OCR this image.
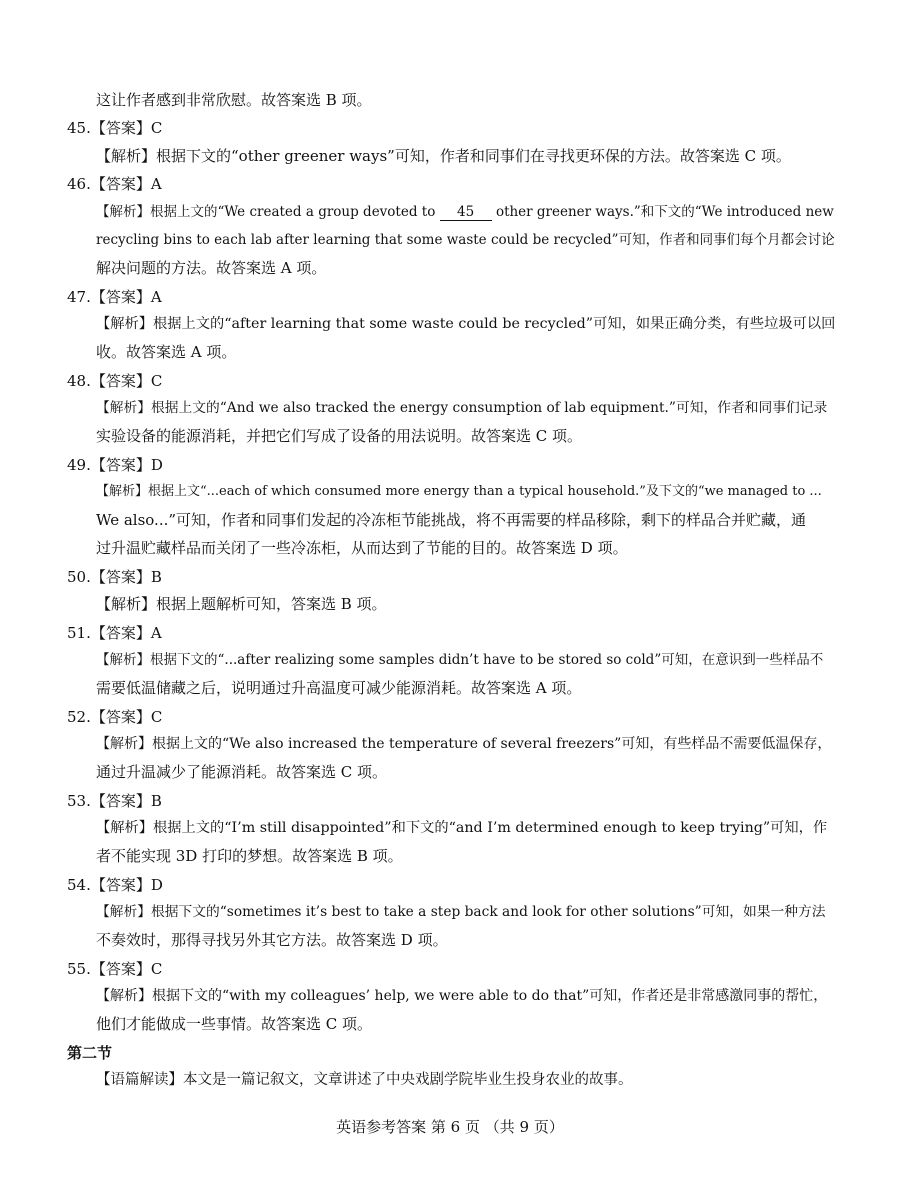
这让作者感到非常欣慰。故答案选 B 项。
45.【答案】C
【解析】根据下文的“other greener ways”可知，作者和同事们在寻找更环保的方法。故答案选 C 项。
46.【答案】A
【解析】根据上文的“We created a group devoted to 45 other greener ways.”和下文的“We introduced new
recycling bins to each lab after learning that some waste could be recycled”可知，作者和同事们每个月都会讨论
解决问题的方法。故答案选 A 项。
47.【答案】A
【解析】根据上文的“after learning that some waste could be recycled”可知，如果正确分类，有些垃圾可以回
收。故答案选 A 项。
48.【答案】C
【解析】根据上文的“And we also tracked the energy consumption of lab equipment.”可知，作者和同事们记录
实验设备的能源消耗，并把它们写成了设备的用法说明。故答案选 C 项。
49.【答案】D
【解析】根据上文“...each of which consumed more energy than a typical household.”及下文的“we managed to ...
We also...”可知，作者和同事们发起的冷冻柜节能挑战，将不再需要的样品移除，剩下的样品合并贮藏，通
过升温贮藏样品而关闭了一些冷冻柜，从而达到了节能的目的。故答案选 D 项。
50.【答案】B
【解析】根据上题解析可知，答案选 B 项。
51.【答案】A
【解析】根据下文的“...after realizing some samples didn’t have to be stored so cold”可知，在意识到一些样品不
需要低温储藏之后，说明通过升高温度可减少能源消耗。故答案选 A 项。
52.【答案】C
【解析】根据上文的“We also increased the temperature of several freezers”可知，有些样品不需要低温保存，
通过升温减少了能源消耗。故答案选 C 项。
53.【答案】B
【解析】根据上文的“I’m still disappointed”和下文的“and I’m determined enough to keep trying”可知，作
者不能实现 3D 打印的梦想。故答案选 B 项。
54.【答案】D
【解析】根据下文的“sometimes it’s best to take a step back and look for other solutions”可知，如果一种方法
不奏效时，那得寻找另外其它方法。故答案选 D 项。
55.【答案】C
【解析】根据下文的“with my colleagues’ help, we were able to do that”可知，作者还是非常感激同事的帮忙，
他们才能做成一些事情。故答案选 C 项。
第二节
【语篇解读】本文是一篇记叙文，文章讲述了中央戏剧学院毕业生投身农业的故事。
英语参考答案 第 6 页 （共 9 页）
